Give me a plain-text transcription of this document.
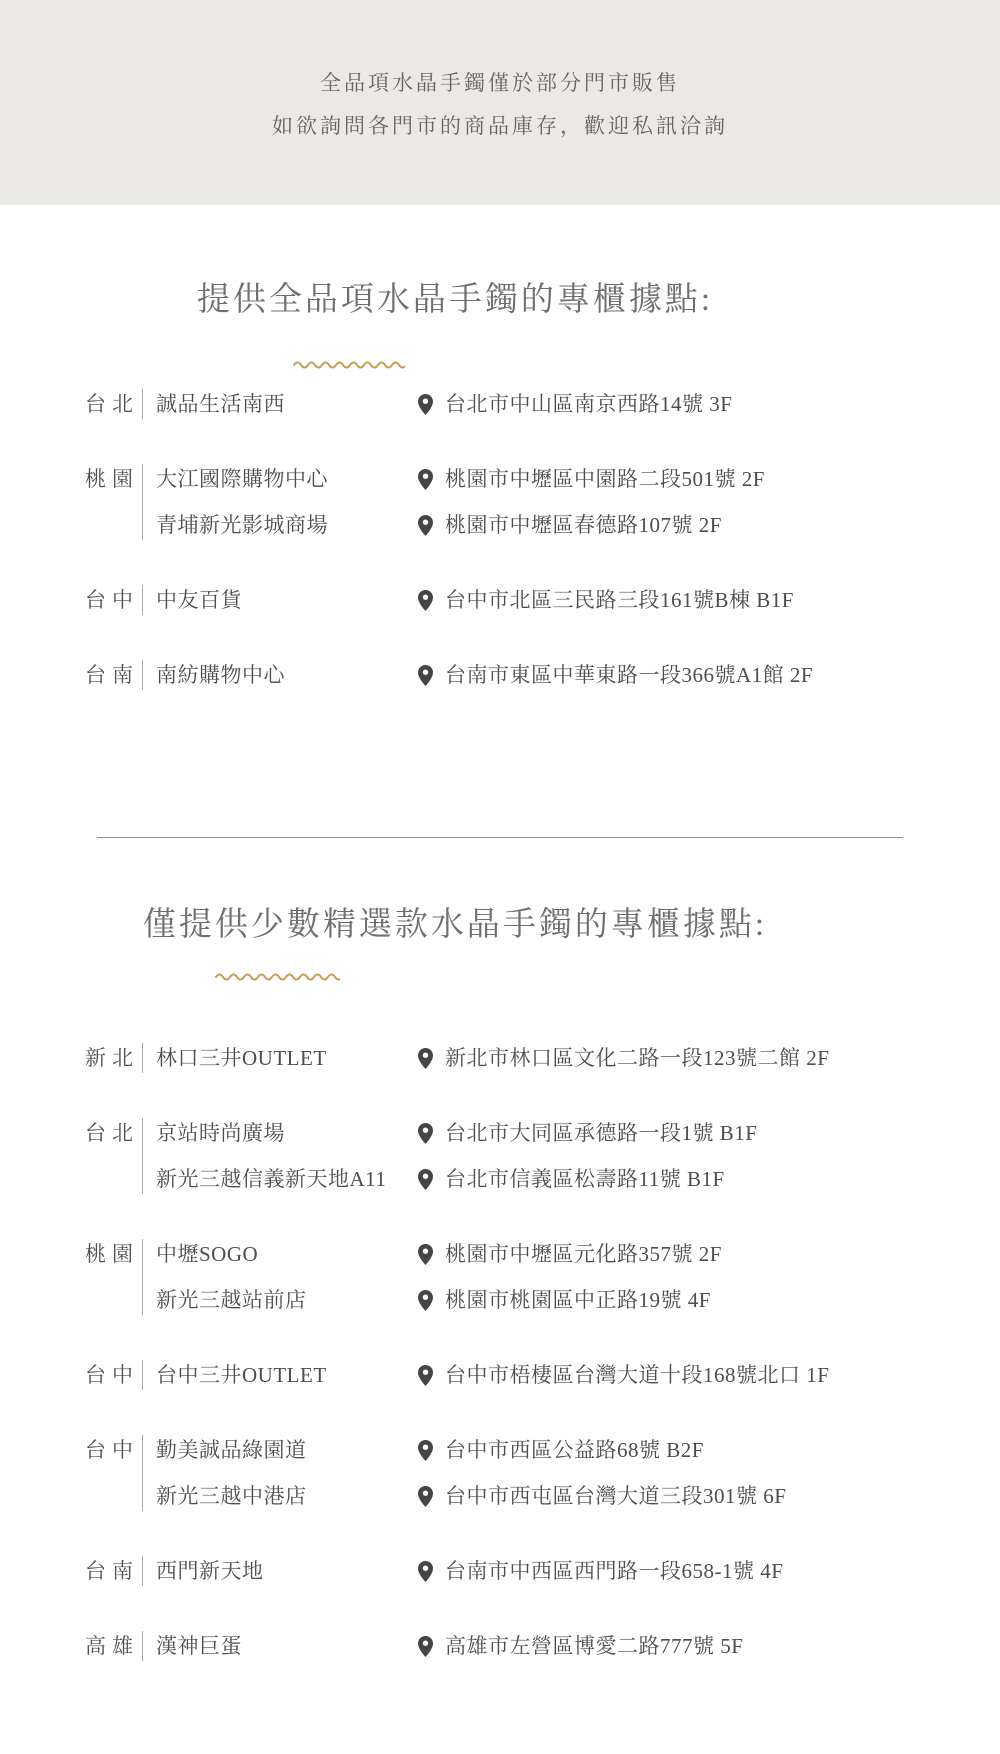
全品項水晶手鐲僅於部分門市販售

如欲詢問各門市的商品庫存，歡迎私訊洽詢

提供全品項水晶手鐲的專櫃據點:
台北 誠品生活南西	台北市中山區南京西路14號 3F
桃園 大江國際購物中心	桃園市中壢區中園路二段501號 2F
青埔新光影城商場	桃園市中壢區春德路107號 2F
台中 中友百貨	台中市北區三民路三段161號B棟 B1F
台南 南紡購物中心	台南市東區中華東路一段366號A1館 2F
僅提供少數精選款水晶手鐲的專櫃據點:
新北 林口三井OUTLET	新北市林口區文化二路一段123號二館 2F
台北 京站時尚廣場	台北市大同區承德路一段1號 B1F
新光三越信義新天地A11	台北市信義區松壽路11號 B1F
桃園 中壢SOGO	桃園市中壢區元化路357號 2F
新光三越站前店	桃園市桃園區中正路19號 4F
台中 台中三井OUTLET	台中市梧棲區台灣大道十段168號北口 1F
台中 勤美誠品綠園道	台中市西區公益路68號 B2F
新光三越中港店	台中市西屯區台灣大道三段301號 6F
台南 西門新天地	台南市中西區西門路一段658-1號 4F
高雄 漢神巨蛋	高雄市左營區博愛二路777號 5F
